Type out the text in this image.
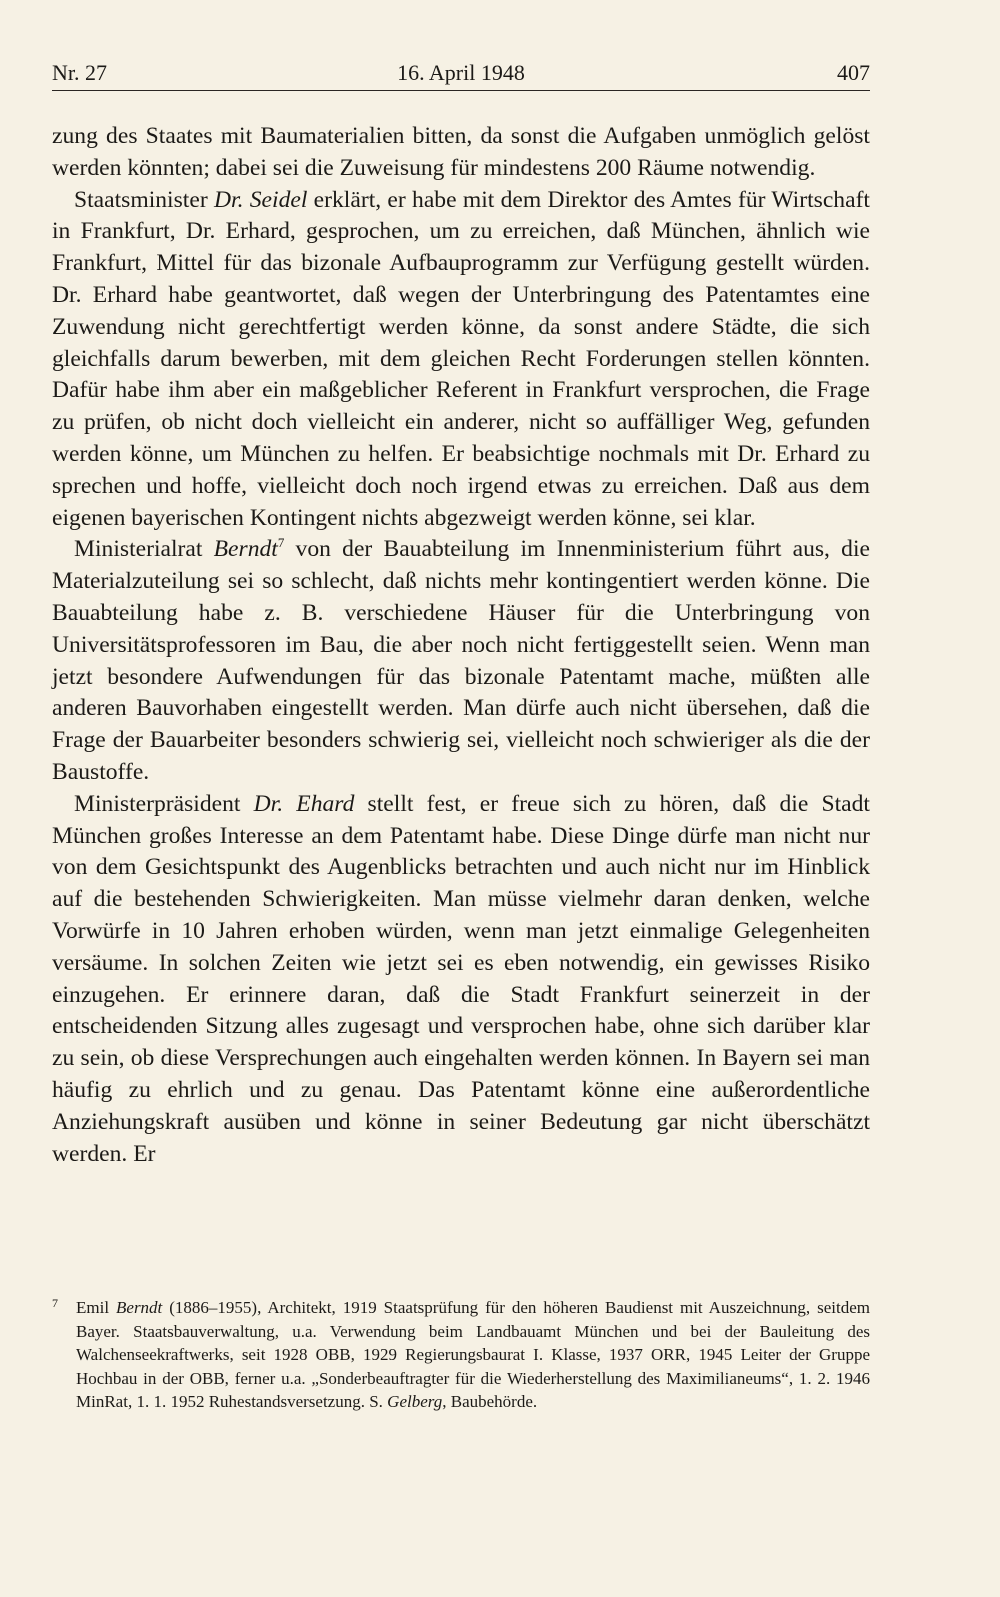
Nr. 27	16. April 1948	407

zung des Staates mit Baumaterialien bitten, da sonst die Aufgaben unmöglich gelöst werden könnten; dabei sei die Zuweisung für mindestens 200 Räume notwendig.

Staatsminister Dr. Seidel erklärt, er habe mit dem Direktor des Amtes für Wirtschaft in Frankfurt, Dr. Erhard, gesprochen, um zu erreichen, daß München, ähnlich wie Frankfurt, Mittel für das bizonale Aufbauprogramm zur Verfügung gestellt würden. Dr. Erhard habe geantwortet, daß wegen der Unterbringung des Patentamtes eine Zuwendung nicht gerechtfertigt werden könne, da sonst andere Städte, die sich gleichfalls darum bewerben, mit dem gleichen Recht Forderungen stellen könnten. Dafür habe ihm aber ein maßgeblicher Referent in Frankfurt versprochen, die Frage zu prüfen, ob nicht doch vielleicht ein anderer, nicht so auffälliger Weg, gefunden werden könne, um München zu helfen. Er beabsichtige nochmals mit Dr. Erhard zu sprechen und hoffe, vielleicht doch noch irgend etwas zu erreichen. Daß aus dem eigenen bayerischen Kontingent nichts abgezweigt werden könne, sei klar.

Ministerialrat Berndt$^7$ von der Bauabteilung im Innenministerium führt aus, die Materialzuteilung sei so schlecht, daß nichts mehr kontingentiert werden könne. Die Bauabteilung habe z. B. verschiedene Häuser für die Unterbringung von Universitätsprofessoren im Bau, die aber noch nicht fertiggestellt seien. Wenn man jetzt besondere Aufwendungen für das bizonale Patentamt mache, müßten alle anderen Bauvorhaben eingestellt werden. Man dürfe auch nicht übersehen, daß die Frage der Bauarbeiter besonders schwierig sei, vielleicht noch schwieriger als die der Baustoffe.

Ministerpräsident Dr. Ehard stellt fest, er freue sich zu hören, daß die Stadt München großes Interesse an dem Patentamt habe. Diese Dinge dürfe man nicht nur von dem Gesichtspunkt des Augenblicks betrachten und auch nicht nur im Hinblick auf die bestehenden Schwierigkeiten. Man müsse vielmehr daran denken, welche Vorwürfe in 10 Jahren erhoben würden, wenn man jetzt einmalige Gelegenheiten versäume. In solchen Zeiten wie jetzt sei es eben notwendig, ein gewisses Risiko einzugehen. Er erinnere daran, daß die Stadt Frankfurt seinerzeit in der entscheidenden Sitzung alles zugesagt und versprochen habe, ohne sich darüber klar zu sein, ob diese Versprechungen auch eingehalten werden können. In Bayern sei man häufig zu ehrlich und zu genau. Das Patentamt könne eine außerordentliche Anziehungskraft ausüben und könne in seiner Bedeutung gar nicht überschätzt werden. Er

7 Emil Berndt (1886–1955), Architekt, 1919 Staatsprüfung für den höheren Baudienst mit Auszeichnung, seitdem Bayer. Staatsbauverwaltung, u.a. Verwendung beim Landbauamt München und bei der Bauleitung des Walchenseekraftwerks, seit 1928 OBB, 1929 Regierungsbaurat I. Klasse, 1937 ORR, 1945 Leiter der Gruppe Hochbau in der OBB, ferner u.a. „Sonderbeauftragter für die Wiederherstellung des Maximilianeums“, 1. 2. 1946 MinRat, 1. 1. 1952 Ruhestandsversetzung. S. Gelberg, Baubehörde.
